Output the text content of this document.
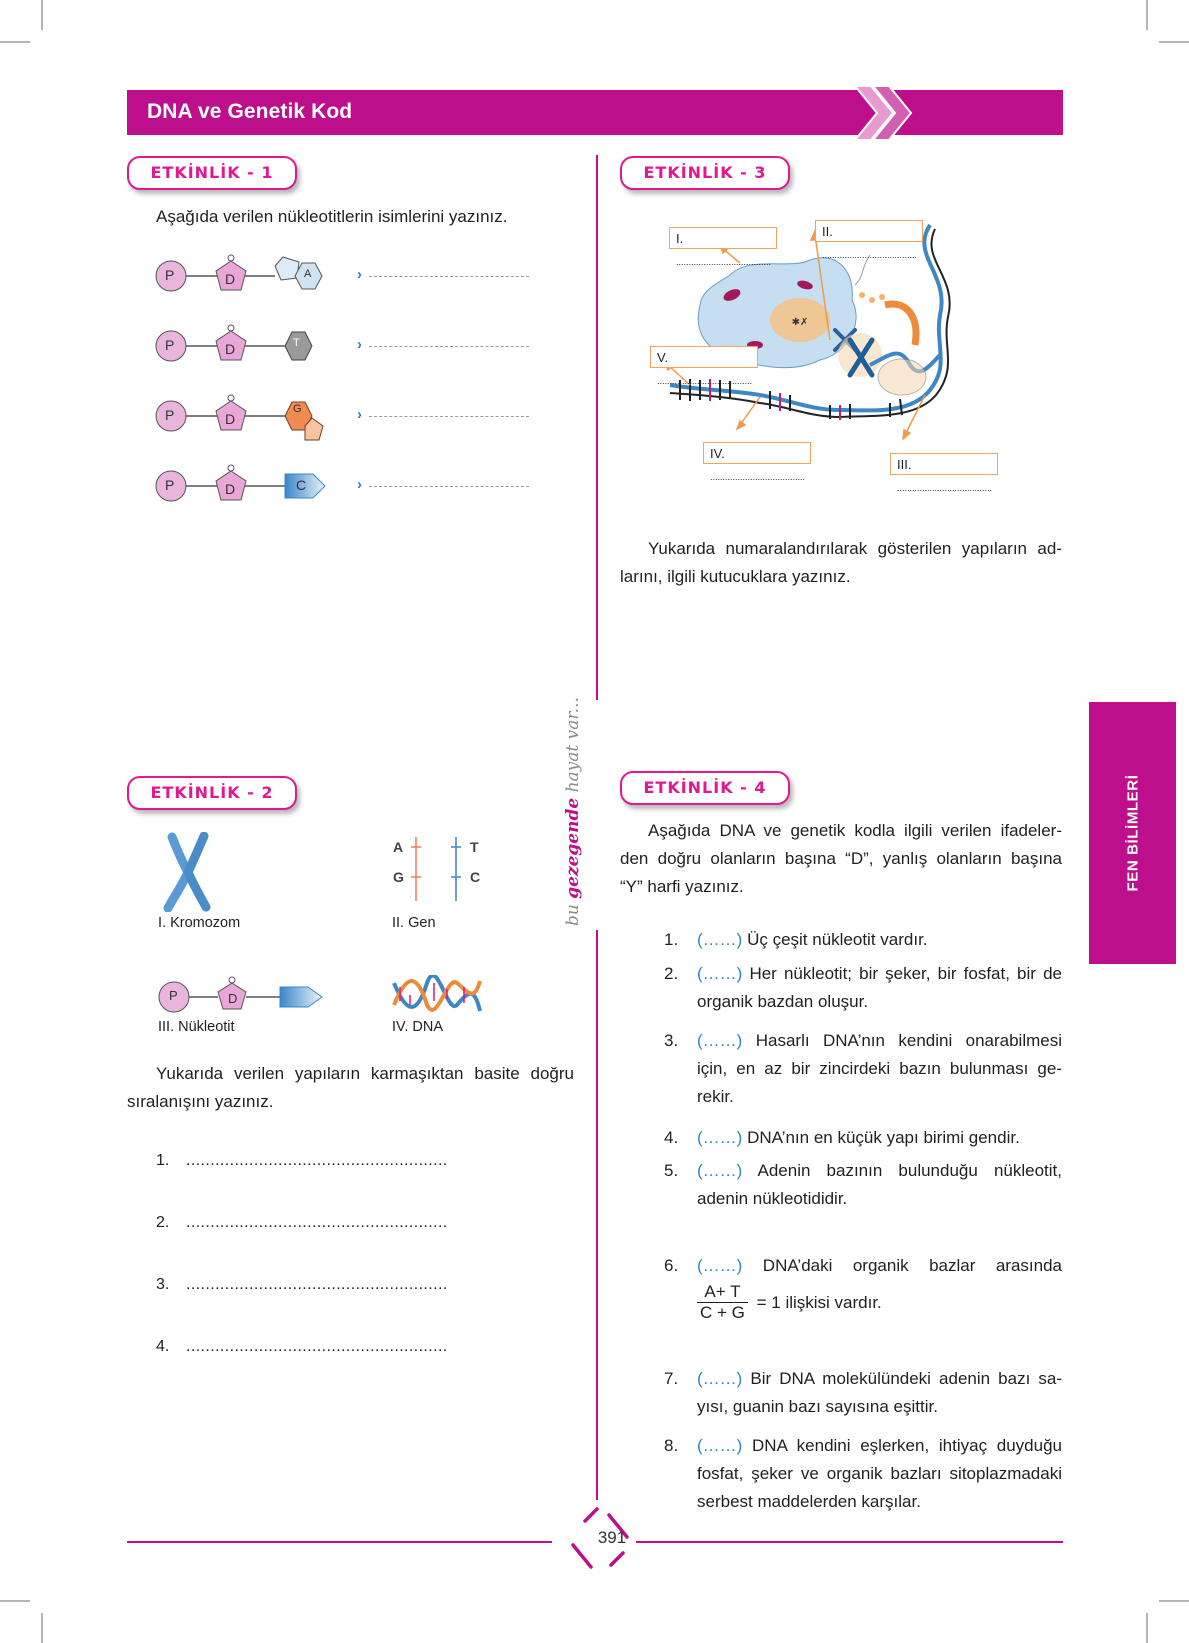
DNA ve Genetik Kod
FEN BİLİMLERİ
bu gezegende hayat var...
ETKİNLİK - 1
Aşağıda verilen nükleotitlerin isimlerini yazınız.
P	D	A	›
P	D	T	›
P	D
G	›
P	D	C	›
ETKİNLİK - 3
✱✗
I. ......................................
II. ......................................
V. ......................................
IV. ......................................
III. ......................................
Yukarıda numaralandırılarak gösterilen yapıların ad-
larını, ilgili kutucuklara yazınız.
ETKİNLİK - 2
I. Kromozom
A
G
T
C
II. Gen
P	D
III. Nükleotit	IV. DNA
Yukarıda verilen yapıların karmaşıktan basite doğru
sıralanışını yazınız.
1. ......................................................
2. ......................................................
3. ......................................................
4. ......................................................
ETKİNLİK - 4
Aşağıda DNA ve genetik kodla ilgili verilen ifadeler-
den doğru olanların başına “D”, yanlış olanların başına
“Y” harfi yazınız.
1. (……) Üç çeşit nükleotit vardır.
2. (……) Her nükleotit; bir şeker, bir fosfat, bir de
organik bazdan oluşur.
3. (……) Hasarlı DNA’nın kendini onarabilmesi
için, en az bir zincirdeki bazın bulunması ge-
rekir.
4. (……) DNA’nın en küçük yapı birimi gendir.
5. (……) Adenin bazının bulunduğu nükleotit,
adenin nükleotididir.
6. (……) DNA’daki organik bazlar arasında
$\frac{A+ T}{C + G} = 1$ ilişkisi vardır.
7. (……) Bir DNA molekülündeki adenin bazı sa-
yısı, guanin bazı sayısına eşittir.
8. (……) DNA kendini eşlerken, ihtiyaç duyduğu
fosfat, şeker ve organik bazları sitoplazmadaki
serbest maddelerden karşılar.
391
